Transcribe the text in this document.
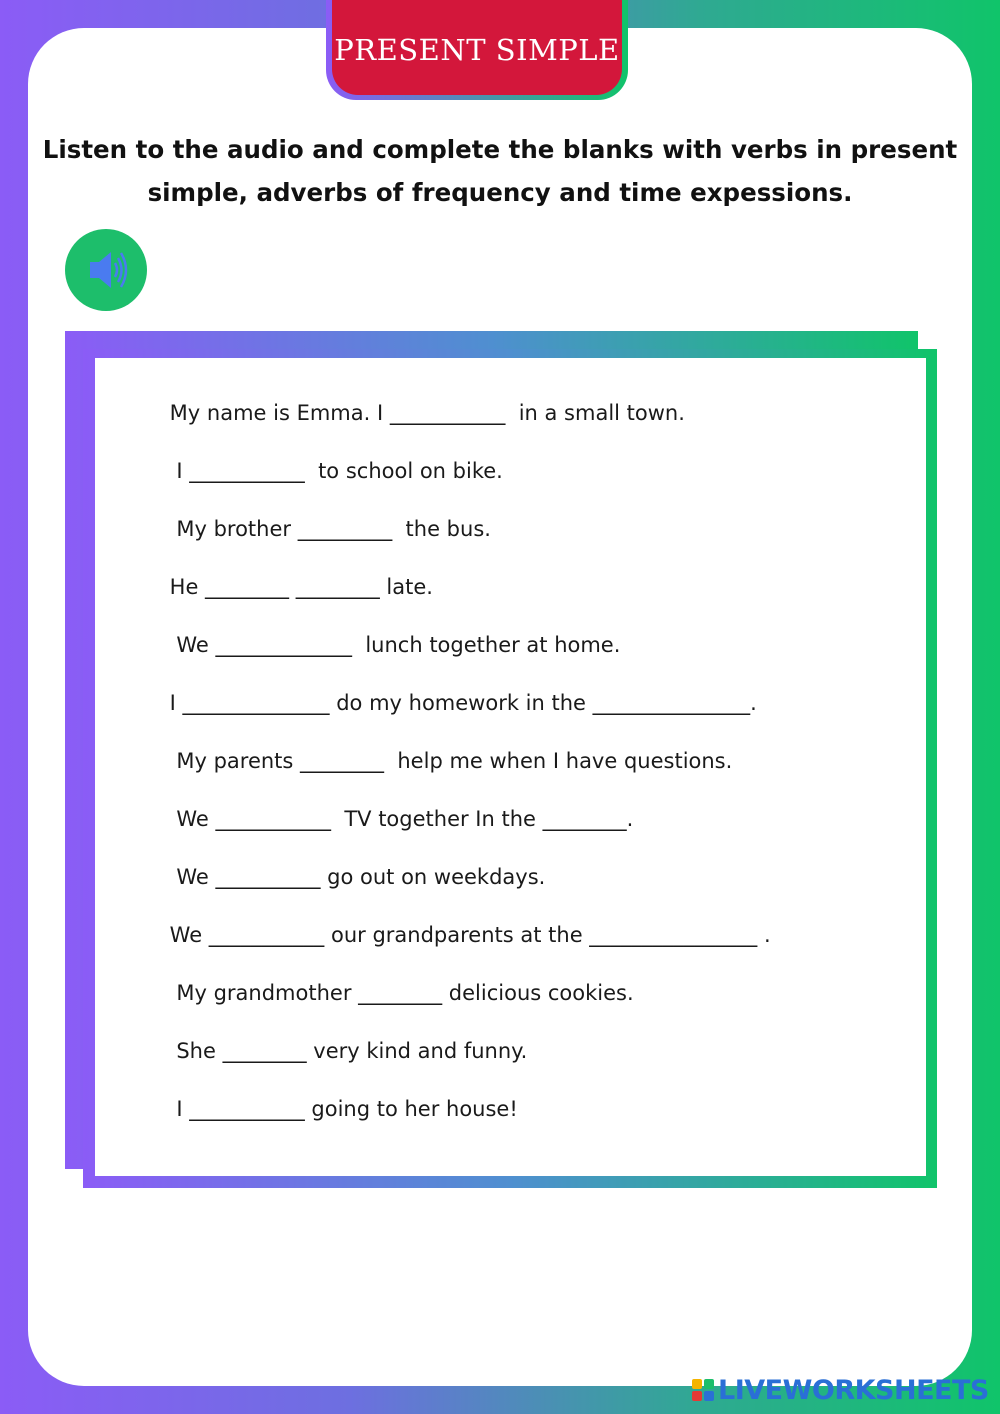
PRESENT SIMPLE
Listen to the audio and complete the blanks with verbs in present simple, adverbs of frequency and time expessions.
My name is Emma. I ___________  in a small town.
I ___________  to school on bike.
My brother _________  the bus.
He ________ ________ late.
We _____________  lunch together at home.
I ______________ do my homework in the _______________.
My parents ________  help me when I have questions.
We ___________  TV together In the ________.
We __________ go out on weekdays.
We ___________ our grandparents at the ________________ .
My grandmother ________ delicious cookies.
She ________ very kind and funny.
I ___________ going to her house!
LIVEWORKSHEETS
